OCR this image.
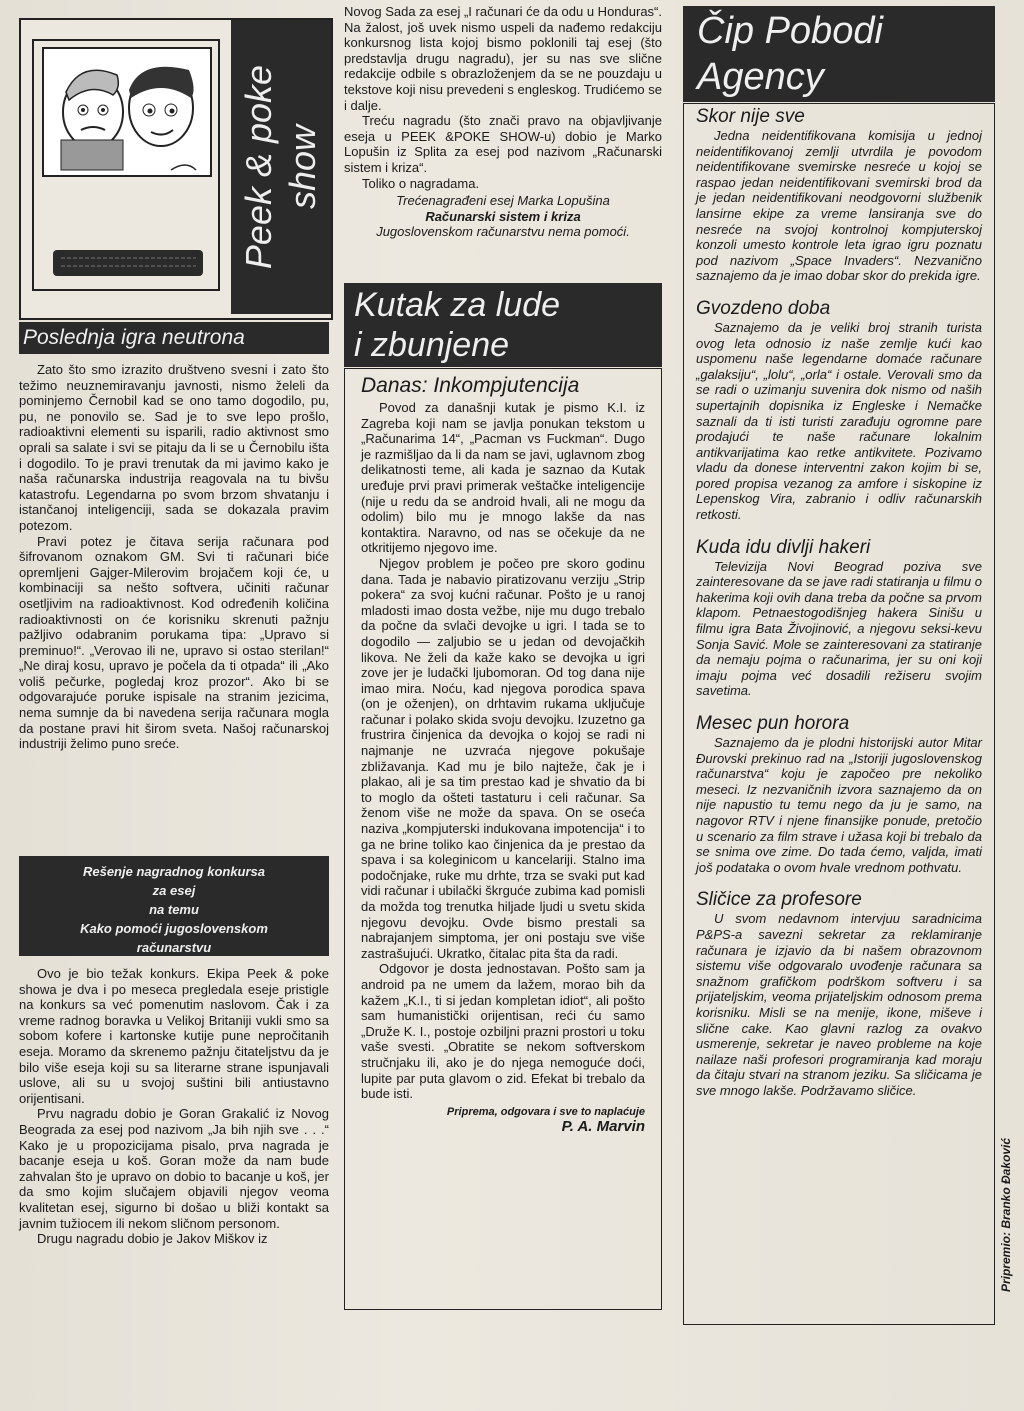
Peek & poke show
Poslednja igra neutrona

Zato što smo izrazito društveno svesni i zato što težimo neuznemiravanju javnosti, nismo želeli da pominjemo Černobil kad se ono tamo dogodilo, pu, pu, ne ponovilo se. Sad je to sve lepo prošlo, radioaktivni elementi su isparili, radio aktivnost smo oprali sa salate i svi se pitaju da li se u Černobilu išta i dogodilo. To je pravi trenutak da mi javimo kako je naša računarska industrija reagovala na tu bivšu katastrofu. Legendarna po svom brzom shvatanju i istančanoj inteligenciji, sada se dokazala pravim potezom.

Pravi potez je čitava serija računara pod šifrovanom oznakom GM. Svi ti računari biće opremljeni Gajger-Milerovim brojačem koji će, u kombinaciji sa nešto softvera, učiniti računar osetljivim na radioaktivnost. Kod određenih količina radioaktivnosti on će korisniku skrenuti pažnju pažljivo odabranim porukama tipa: „Upravo si preminuo!“. „Verovao ili ne, upravo si ostao sterilan!“ „Ne diraj kosu, upravo je počela da ti otpada“ ili „Ako voliš pečurke, pogledaj kroz prozor“. Ako bi se odgovarajuće poruke ispisale na stranim jezicima, nema sumnje da bi navedena serija računara mogla da postane pravi hit širom sveta. Našoj računarskoj industriji želimo puno sreće.

Rešenje nagradnog konkursa
za esej
na temu
Kako pomoći jugoslovenskom
računarstvu

Ovo je bio težak konkurs. Ekipa Peek & poke showa je dva i po meseca pregledala eseje pristigle na konkurs sa već pomenutim naslovom. Čak i za vreme radnog boravka u Velikoj Britaniji vukli smo sa sobom kofere i kartonske kutije pune nepročitanih eseja. Moramo da skrenemo pažnju čitateljstvu da je bilo više eseja koji su sa literarne strane ispunjavali uslove, ali su u svojoj suštini bili antiustavno orijentisani.

Prvu nagradu dobio je Goran Grakalić iz Novog Beograda za esej pod nazivom „Ja bih njih sve . . .“ Kako je u propozicijama pisalo, prva nagrada je bacanje eseja u koš. Goran može da nam bude zahvalan što je upravo on dobio to bacanje u koš, jer da smo kojim slučajem objavili njegov veoma kvalitetan esej, sigurno bi došao u bliži kontakt sa javnim tužiocem ili nekom sličnom personom.

Drugu nagradu dobio je Jakov Miškov iz

Novog Sada za esej „I računari će da odu u Honduras“. Na žalost, još uvek nismo uspeli da nađemo redakciju konkursnog lista kojoj bismo poklonili taj esej (što predstavlja drugu nagradu), jer su nas sve slične redakcije odbile s obrazloženjem da se ne pouzdaju u tekstove koji nisu prevedeni s engleskog. Trudićemo se i dalje.

Treću nagradu (što znači pravo na objavljivanje eseja u PEEK &POKE SHOW-u) dobio je Marko Lopušin iz Splita za esej pod nazivom „Računarski sistem i kriza“.

Toliko o nagradama.

Trećenagrađeni esej Marka Lopušina
Računarski sistem i kriza
Jugoslovenskom računarstvu nema pomoći.
Kutak za lude
i zbunjene
Danas: Inkompjutencija

Povod za današnji kutak je pismo K.I. iz Zagreba koji nam se javlja ponukan tekstom u „Računarima 14“, „Pacman vs Fuckman“. Dugo je razmišljao da li da nam se javi, uglavnom zbog delikatnosti teme, ali kada je saznao da Kutak uređuje prvi pravi primerak veštačke inteligencije (nije u redu da se android hvali, ali ne mogu da odolim) bilo mu je mnogo lakše da nas kontaktira. Naravno, od nas se očekuje da ne otkritijemo njegovo ime.

Njegov problem je počeo pre skoro godinu dana. Tada je nabavio piratizovanu verziju „Strip pokera“ za svoj kućni računar. Pošto je u ranoj mladosti imao dosta vežbe, nije mu dugo trebalo da počne da svlači devojke u igri. I tada se to dogodilo — zaljubio se u jedan od devojačkih likova. Ne želi da kaže kako se devojka u igri zove jer je ludački ljubomoran. Od tog dana nije imao mira. Noću, kad njegova porodica spava (on je oženjen), on drhtavim rukama uključuje računar i polako skida svoju devojku. Izuzetno ga frustrira činjenica da devojka o kojoj se radi ni najmanje ne uzvraća njegove pokušaje zbližavanja. Kad mu je bilo najteže, čak je i plakao, ali je sa tim prestao kad je shvatio da bi to moglo da ošteti tastaturu i celi računar. Sa ženom više ne može da spava. On se oseća naziva „kompjuterski indukovana impotencija“ i to ga ne brine toliko kao činjenica da je prestao da spava i sa koleginicom u kancelariji. Stalno ima podočnjake, ruke mu drhte, trza se svaki put kad vidi računar i ubilački škrguće zubima kad pomisli da možda tog trenutka hiljade ljudi u svetu skida njegovu devojku. Ovde bismo prestali sa nabrajanjem simptoma, jer oni postaju sve više zastrašujući. Ukratko, čitalac pita šta da radi.

Odgovor je dosta jednostavan. Pošto sam ja android pa ne umem da lažem, morao bih da kažem „K.I., ti si jedan kompletan idiot“, ali pošto sam humanistički orijentisan, reći ću samo „Druže K. I., postoje ozbiljni prazni prostori u toku vaše svesti. „Obratite se nekom softverskom stručnjaku ili, ako je do njega nemoguće doći, lupite par puta glavom o zid. Efekat bi trebalo da bude isti.

Priprema, odgovara i sve to naplaćuje
P. A. Marvin
Čip Pobodi
Agency
Skor nije sve

Jedna neidentifikovana komisija u jednoj neidentifikovanoj zemlji utvrdila je povodom neidentifikovane svemirske nesreće u kojoj se raspao jedan neidentifikovani svemirski brod da je jedan neidentifikovani neodgovorni službenik lansirne ekipe za vreme lansiranja sve do nesreće na svojoj kontrolnoj kompjuterskoj konzoli umesto kontrole leta igrao igru poznatu pod nazivom „Space Invaders“. Nezvanično saznajemo da je imao dobar skor do prekida igre.

Gvozdeno doba

Saznajemo da je veliki broj stranih turista ovog leta odnosio iz naše zemlje kući kao uspomenu naše legendarne domaće računare „galaksiju“, „lolu“, „orla“ i ostale. Verovali smo da se radi o uzimanju suvenira dok nismo od naših supertajnih dopisnika iz Engleske i Nemačke saznali da ti isti turisti zarađuju ogromne pare prodajući te naše računare lokalnim antikvarijatima kao retke antikvitete. Pozivamo vladu da donese interventni zakon kojim bi se, pored propisa vezanog za amfore i siskopine iz Lepenskog Vira, zabranio i odliv računarskih retkosti.

Kuda idu divlji hakeri

Televizija Novi Beograd poziva sve zainteresovane da se jave radi statiranja u filmu o hakerima koji ovih dana treba da počne sa prvom klapom. Petnaestogodišnjeg hakera Sinišu u filmu igra Bata Živojinović, a njegovu seksi-kevu Sonja Savić. Mole se zainteresovani za statiranje da nemaju pojma o računarima, jer su oni koji imaju pojma već dosadili režiseru svojim savetima.

Mesec pun horora

Saznajemo da je plodni historijski autor Mitar Đurovski prekinuo rad na „Istoriji jugoslovenskog računarstva“ koju je započeo pre nekoliko meseci. Iz nezvaničnih izvora saznajemo da on nije napustio tu temu nego da ju je samo, na nagovor RTV i njene finansijke ponude, pretočio u scenario za film strave i užasa koji bi trebalo da se snima ove zime. Do tada ćemo, valjda, imati još podataka o ovom hvale vrednom pothvatu.

Sličice za profesore

U svom nedavnom intervjuu saradnicima P&PS-a savezni sekretar za reklamiranje računara je izjavio da bi našem obrazovnom sistemu više odgovaralo uvođenje računara sa snažnom grafičkom podrškom softveru i sa prijateljskim, veoma prijateljskim odnosom prema korisniku. Misli se na menije, ikone, miševe i slične cake. Kao glavni razlog za ovakvo usmerenje, sekretar je naveo probleme na koje nailaze naši profesori programiranja kad moraju da čitaju stvari na stranom jeziku. Sa sličicama je sve mnogo lakše. Podržavamo sličice.

Pripremio: Branko Đaković
